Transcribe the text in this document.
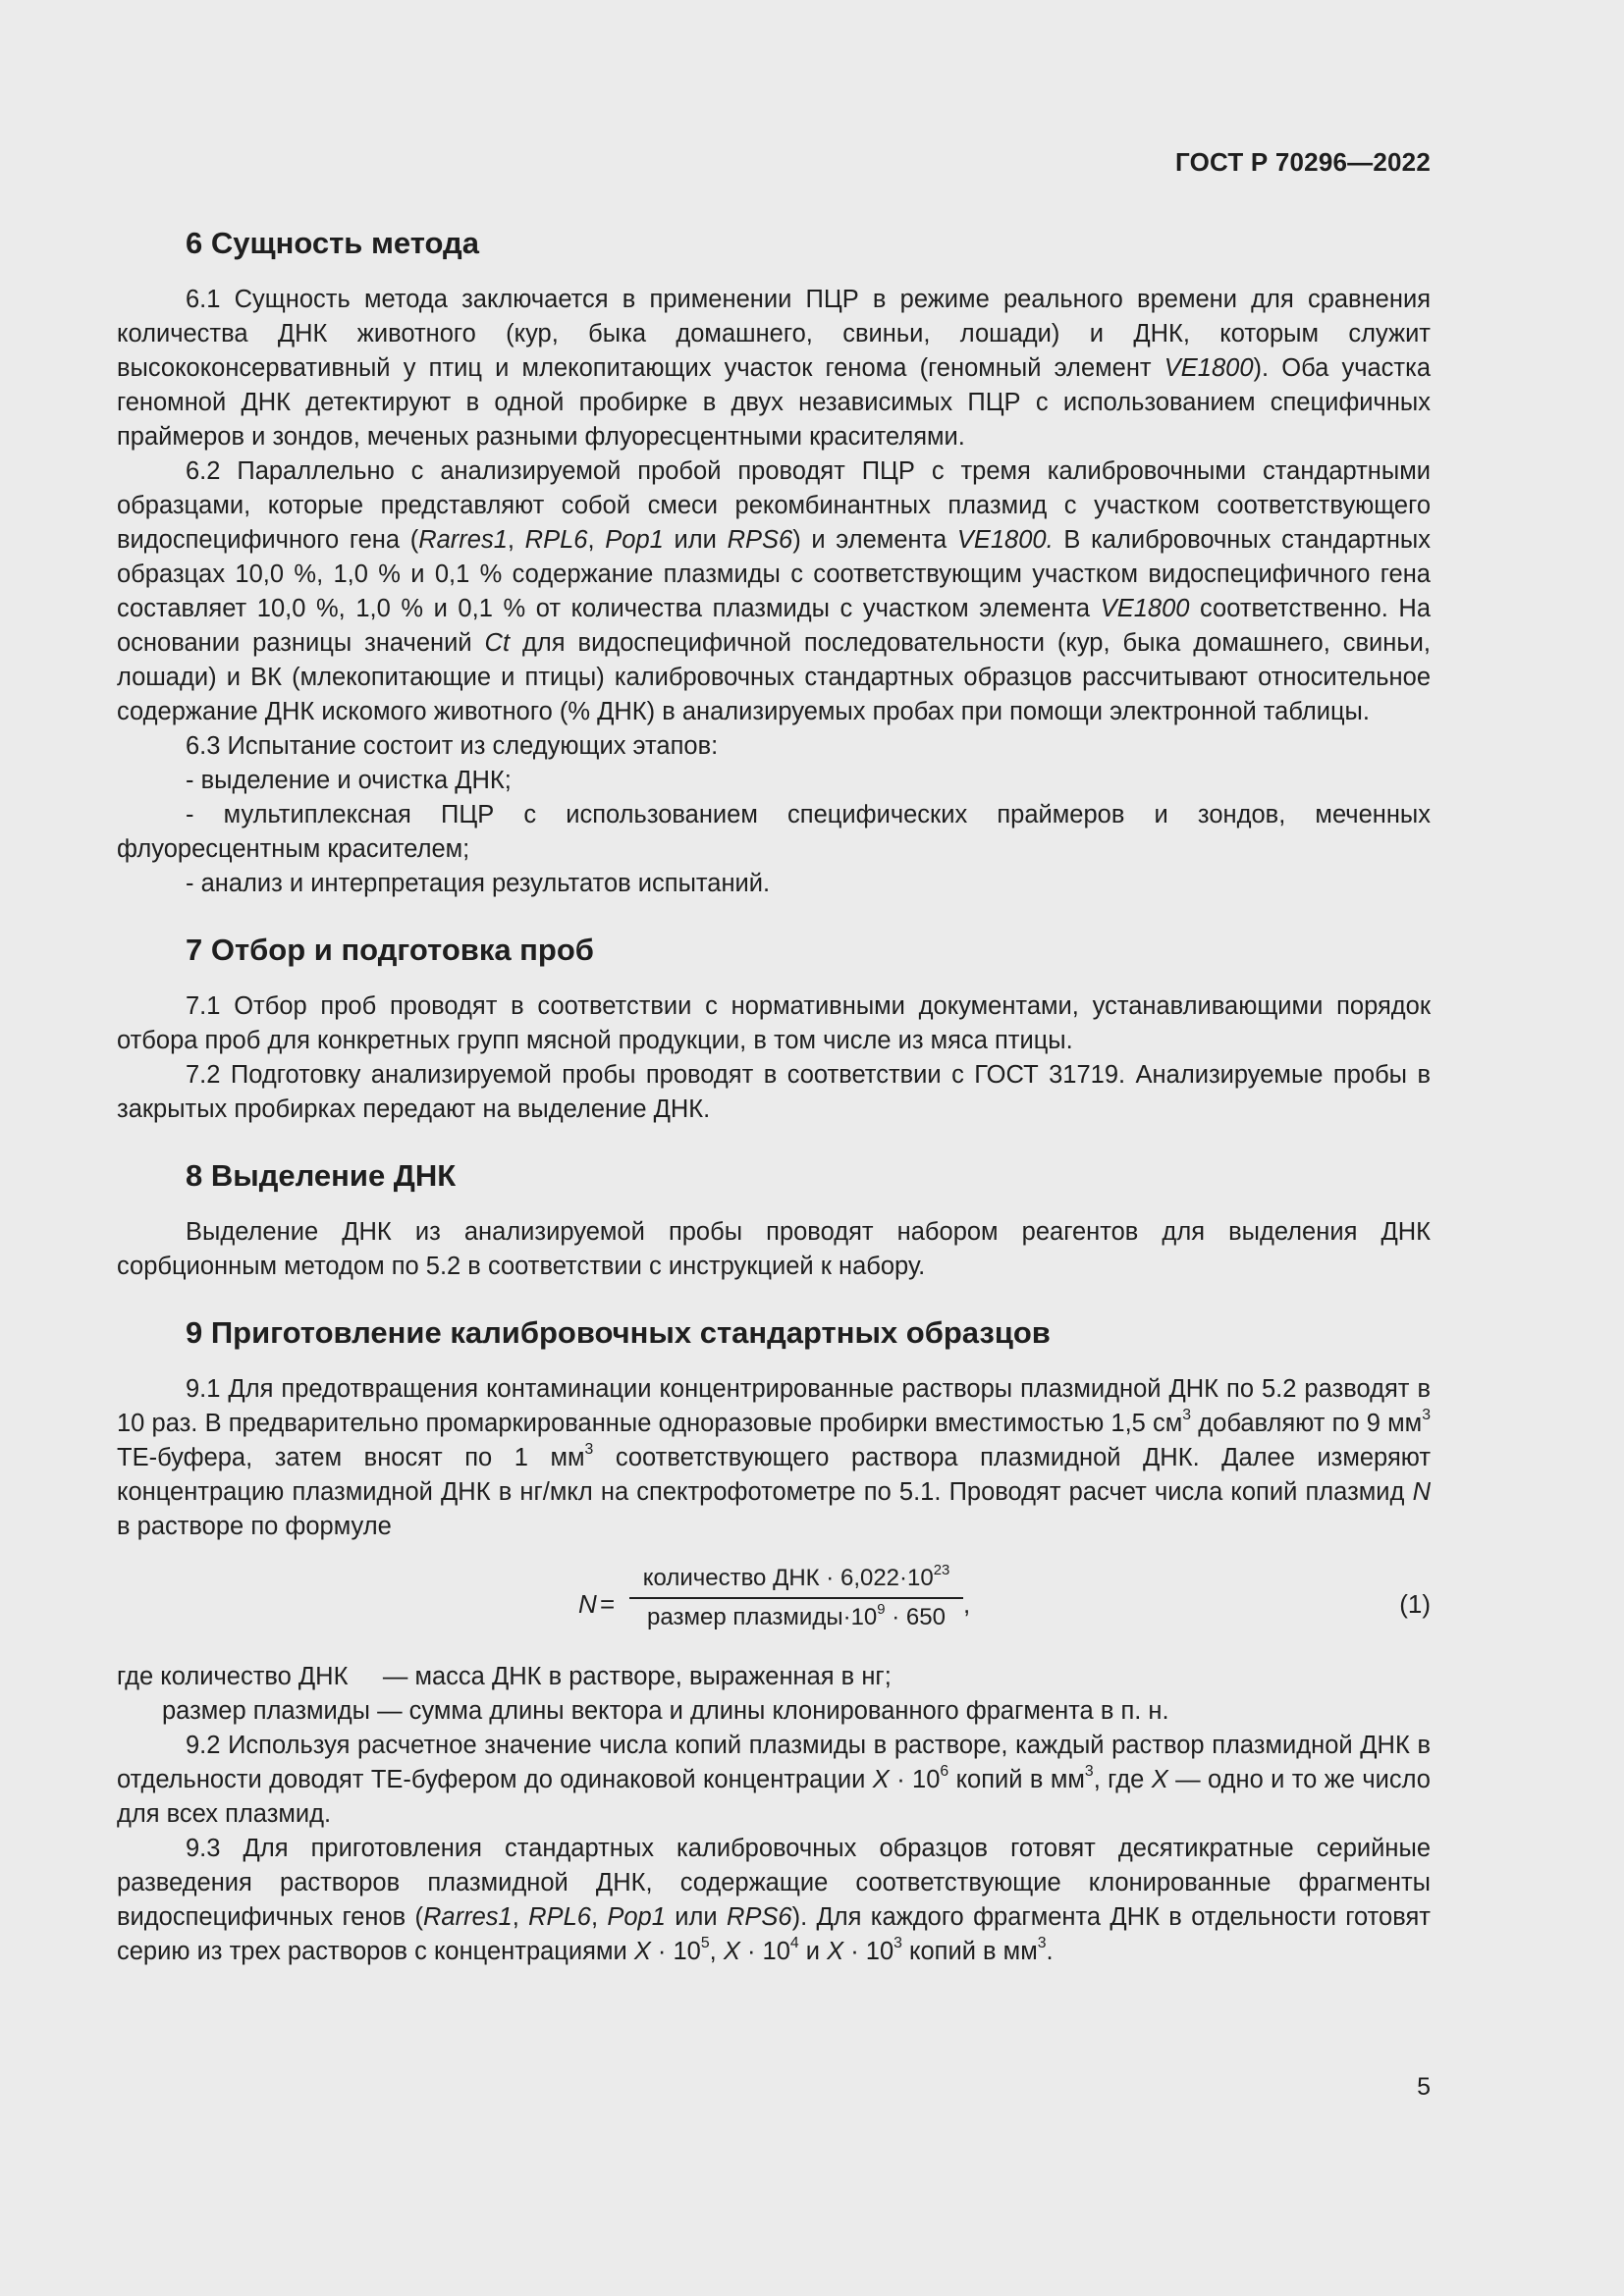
ГОСТ Р 70296—2022
6 Сущность метода

6.1 Сущность метода заключается в применении ПЦР в режиме реального времени для сравнения количества ДНК животного (кур, быка домашнего, свиньи, лошади) и ДНК, которым служит высококонсервативный у птиц и млекопитающих участок генома (геномный элемент VE1800). Оба участка геномной ДНК детектируют в одной пробирке в двух независимых ПЦР с использованием специфичных праймеров и зондов, меченых разными флуоресцентными красителями.

6.2 Параллельно с анализируемой пробой проводят ПЦР с тремя калибровочными стандартными образцами, которые представляют собой смеси рекомбинантных плазмид с участком соответствующего видоспецифичного гена (Rarres1, RPL6, Pop1 или RPS6) и элемента VE1800. В калибровочных стандартных образцах 10,0 %, 1,0 % и 0,1 % содержание плазмиды с соответствующим участком видоспецифичного гена составляет 10,0 %, 1,0 % и 0,1 % от количества плазмиды с участком элемента VE1800 соответственно. На основании разницы значений Ct для видоспецифичной последовательности (кур, быка домашнего, свиньи, лошади) и ВК (млекопитающие и птицы) калибровочных стандартных образцов рассчитывают относительное содержание ДНК искомого животного (% ДНК) в анализируемых пробах при помощи электронной таблицы.

6.3 Испытание состоит из следующих этапов:

- выделение и очистка ДНК;

- мультиплексная ПЦР с использованием специфических праймеров и зондов, меченных флуоресцентным красителем;

- анализ и интерпретация результатов испытаний.

7 Отбор и подготовка проб

7.1 Отбор проб проводят в соответствии с нормативными документами, устанавливающими порядок отбора проб для конкретных групп мясной продукции, в том числе из мяса птицы.

7.2 Подготовку анализируемой пробы проводят в соответствии с ГОСТ 31719. Анализируемые пробы в закрытых пробирках передают на выделение ДНК.

8 Выделение ДНК

Выделение ДНК из анализируемой пробы проводят набором реагентов для выделения ДНК сорбционным методом по 5.2 в соответствии с инструкцией к набору.

9 Приготовление калибровочных стандартных образцов

9.1 Для предотвращения контаминации концентрированные растворы плазмидной ДНК по 5.2 разводят в 10 раз. В предварительно промаркированные одноразовые пробирки вместимостью 1,5 $см^3$ добавляют по 9 $мм^3$ ТЕ-буфера, затем вносят по 1 $мм^3$ соответствующего раствора плазмидной ДНК. Далее измеряют концентрацию плазмидной ДНК в нг/мкл на спектрофотометре по 5.1. Проводят расчет числа копий плазмид N в растворе по формуле

N =
количество ДНК · $6,022\cdot 10^{23}$
размер $плазмиды\cdot 10^9 \cdot 650$ ,	(1)

где количество ДНК     — масса ДНК в растворе, выраженная в нг;

размер плазмиды — сумма длины вектора и длины клонированного фрагмента в п. н.

9.2 Используя расчетное значение числа копий плазмиды в растворе, каждый раствор плазмидной ДНК в отдельности доводят ТЕ-буфером до одинаковой концентрации $X \cdot 10^6$ копий в $мм^3$, где X — одно и то же число для всех плазмид.

9.3 Для приготовления стандартных калибровочных образцов готовят десятикратные серийные разведения растворов плазмидной ДНК, содержащие соответствующие клонированные фрагменты видоспецифичных генов (Rarres1, RPL6, Pop1 или RPS6). Для каждого фрагмента ДНК в отдельности готовят серию из трех растворов с концентрациями $X \cdot 10^5$, $X \cdot 10^4$ и $X \cdot 10^3$ копий в $мм^3$.

5
